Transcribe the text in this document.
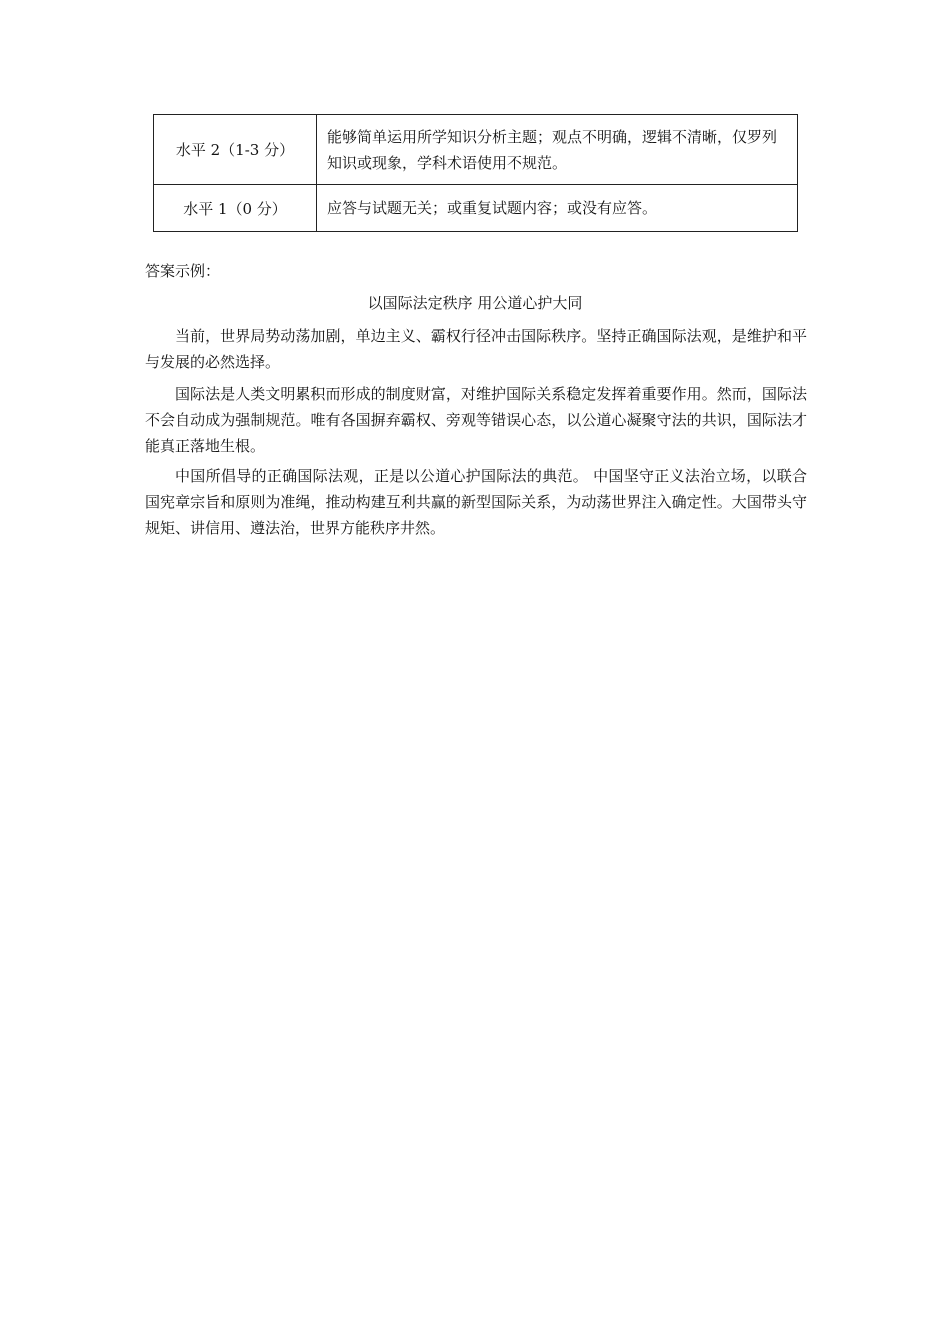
水平 2（1-3 分）	能够简单运用所学知识分析主题；观点不明确，逻辑不清晰，仅罗列知识或现象，学科术语使用不规范。
水平 1（0 分）	应答与试题无关；或重复试题内容；或没有应答。
答案示例：
以国际法定秩序 用公道心护大同

当前，世界局势动荡加剧，单边主义、霸权行径冲击国际秩序。坚持正确国际法观，是维护和平与发展的必然选择。

国际法是人类文明累积而形成的制度财富，对维护国际关系稳定发挥着重要作用。然而，国际法不会自动成为强制规范。唯有各国摒弃霸权、旁观等错误心态，以公道心凝聚守法的共识，国际法才能真正落地生根。

中国所倡导的正确国际法观，正是以公道心护国际法的典范。 中国坚守正义法治立场，以联合国宪章宗旨和原则为准绳，推动构建互利共赢的新型国际关系，为动荡世界注入确定性。大国带头守规矩、讲信用、遵法治，世界方能秩序井然。
